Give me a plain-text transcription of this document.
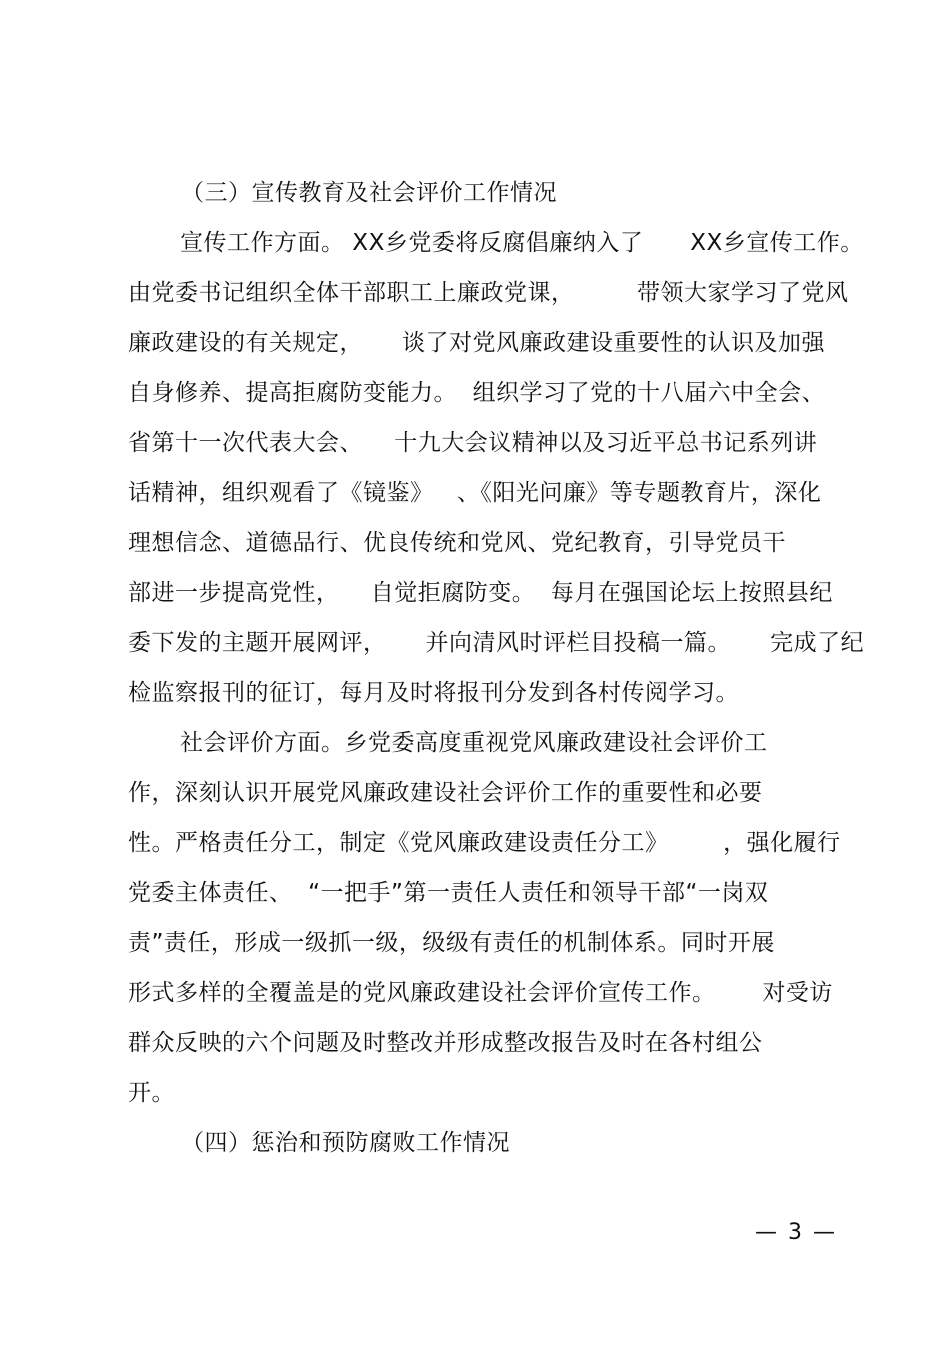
（三）宣传教育及社会评价工作情况
宣传工作方面。 XX乡党委将反腐倡廉纳入了      XX乡宣传工作。
由党委书记组织全体干部职工上廉政党课，        带领大家学习了党风
廉政建设的有关规定，     谈了对党风廉政建设重要性的认识及加强
自身修养、提高拒腐防变能力。  组织学习了党的十八届六中全会、
省第十一次代表大会、    十九大会议精神以及习近平总书记系列讲
话精神，组织观看了《镜鉴》   、《阳光问廉》等专题教育片，深化
理想信念、道德品行、优良传统和党风、党纪教育，引导党员干
部进一步提高党性，    自觉拒腐防变。  每月在强国论坛上按照县纪
委下发的主题开展网评，     并向清风时评栏目投稿一篇。     完成了纪
检监察报刊的征订，每月及时将报刊分发到各村传阅学习。
社会评价方面。乡党委高度重视党风廉政建设社会评价工
作，深刻认识开展党风廉政建设社会评价工作的重要性和必要
性。严格责任分工，制定《党风廉政建设责任分工》       ，强化履行
党委主体责任、  “一把手”第一责任人责任和领导干部“一岗双
责”责任，形成一级抓一级，级级有责任的机制体系。同时开展
形式多样的全覆盖是的党风廉政建设社会评价宣传工作。      对受访
群众反映的六个问题及时整改并形成整改报告及时在各村组公
开。
（四）惩治和预防腐败工作情况
— 3 —
